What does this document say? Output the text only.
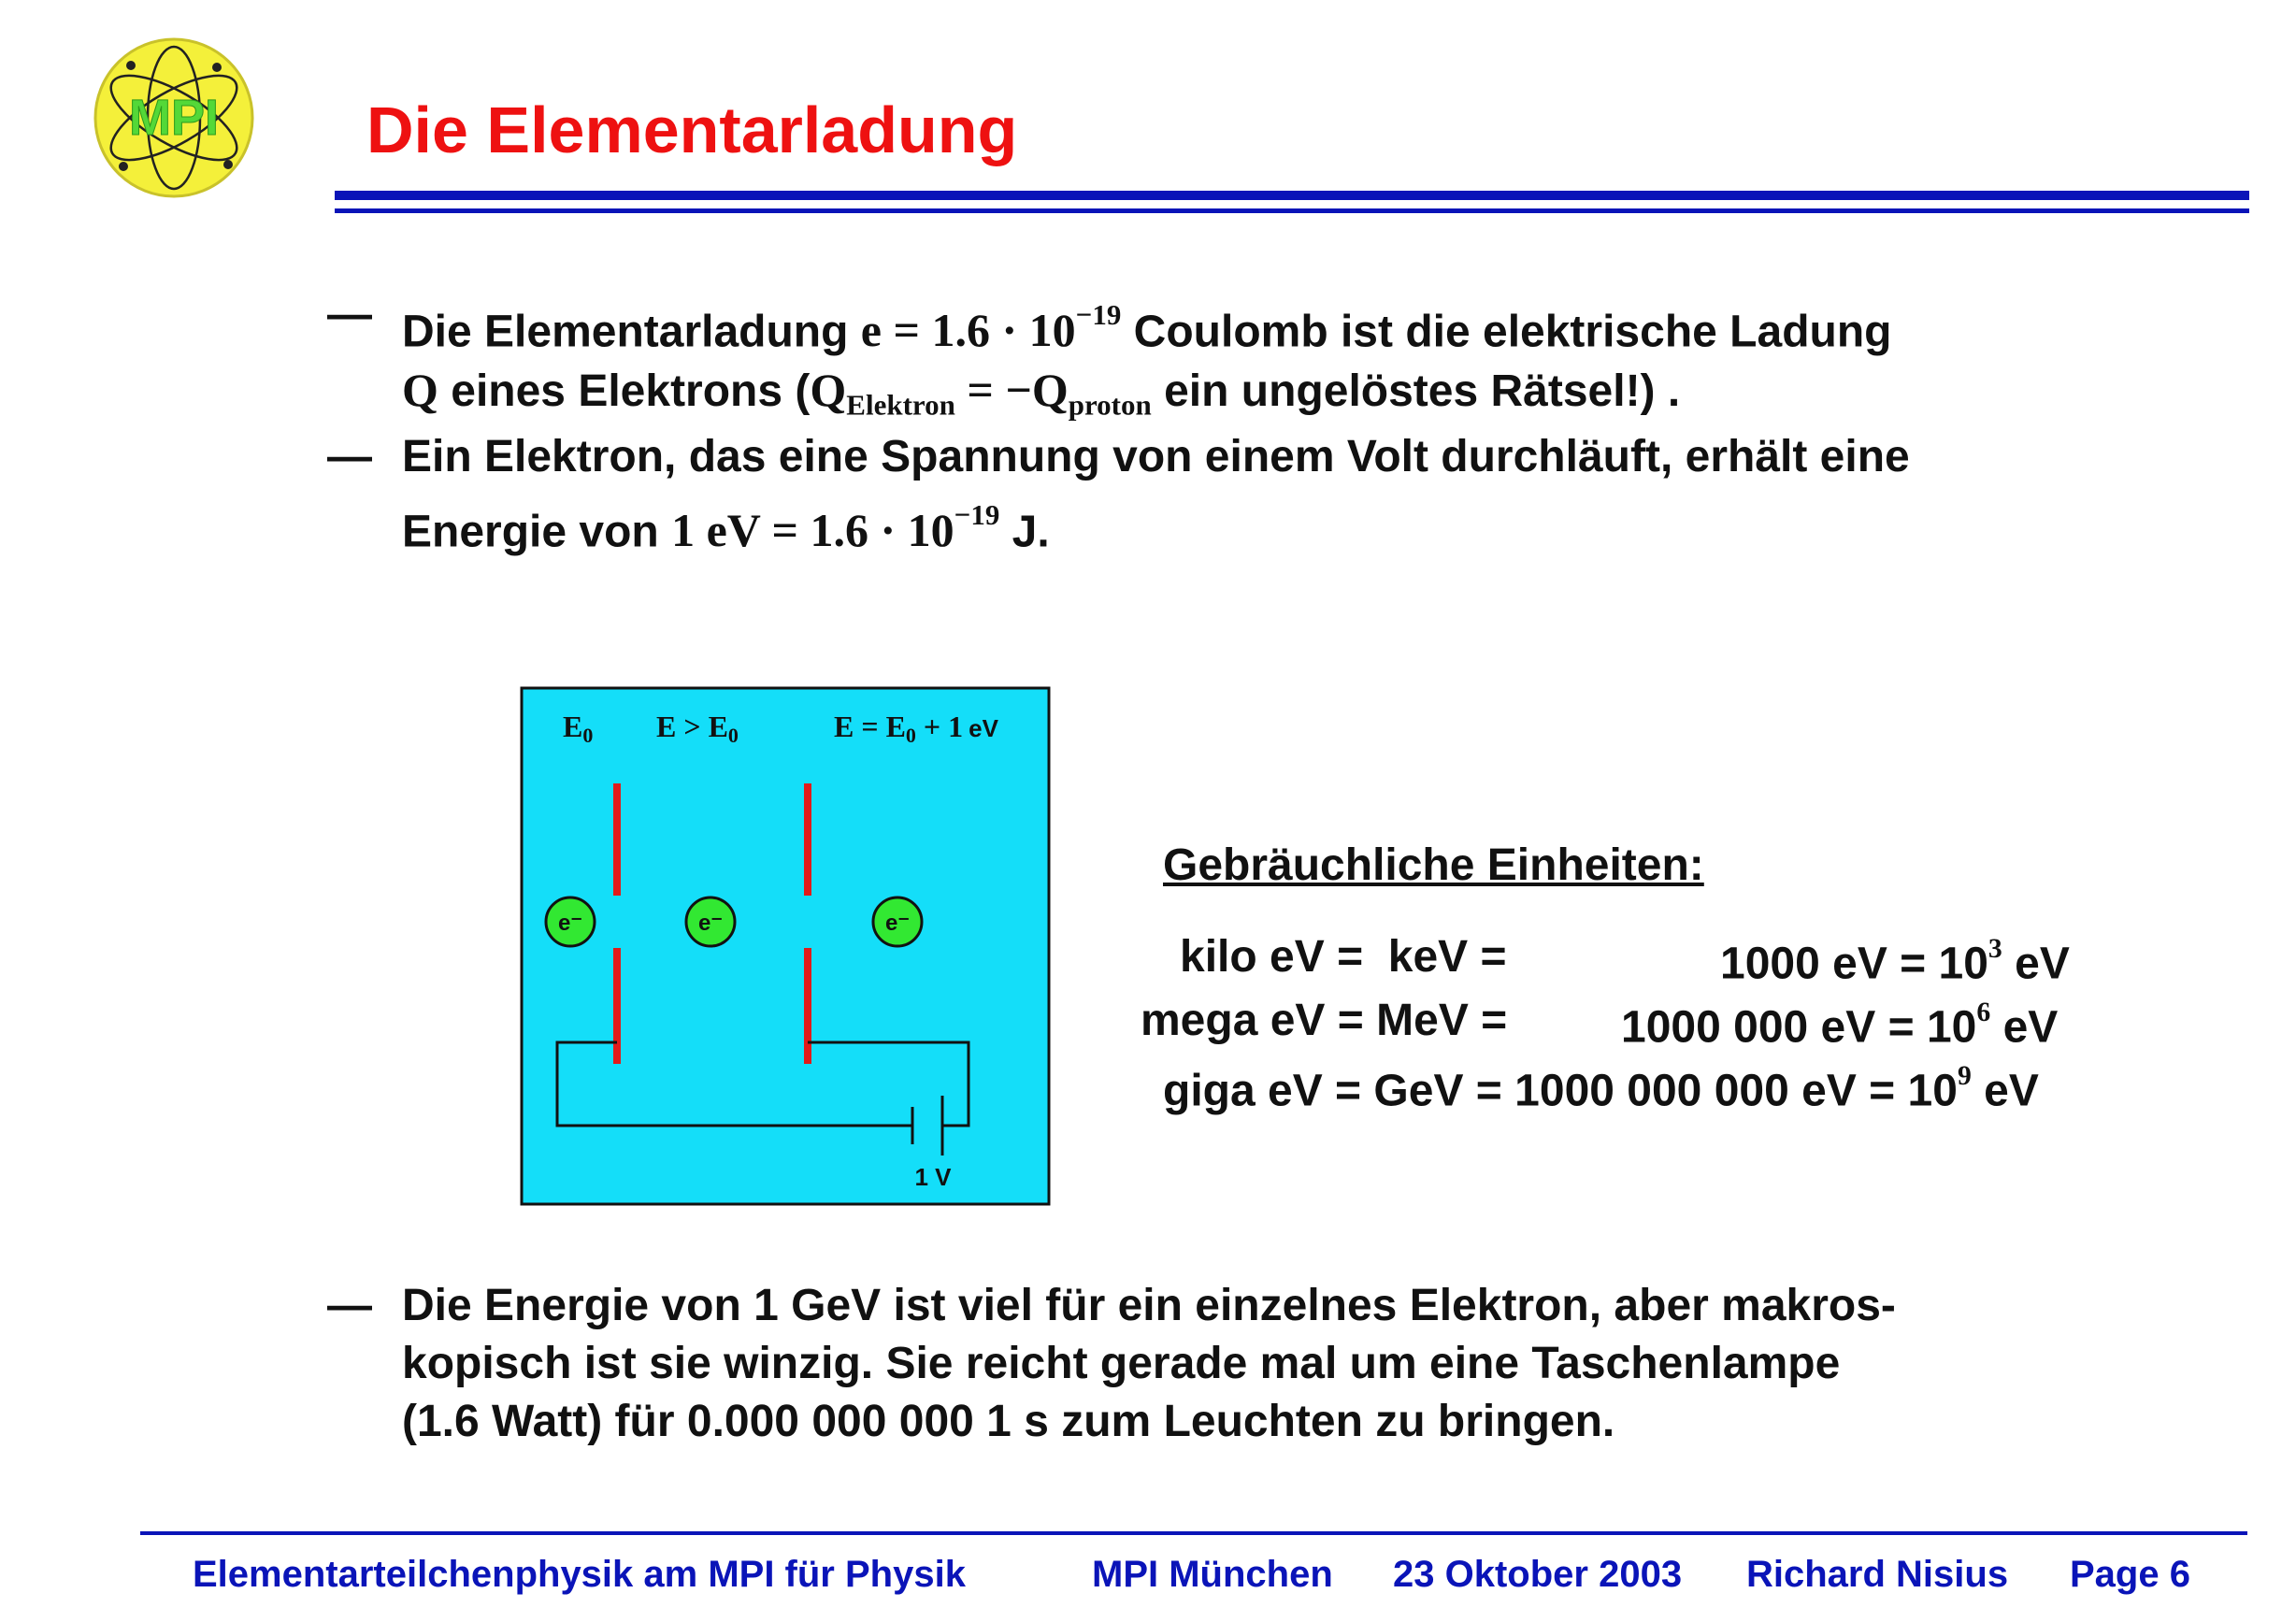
MPI Die Elementarladung
— Die Elementarladung $e = 1.6 \cdot 10^{-19}$ Coulomb ist die elektrische Ladung
Q eines Elektrons ($Q_{Elektron} = -Q_{proton}$ ein ungelöstes Rätsel!) .
— Ein Elektron, das eine Spannung von einem Volt durchläuft, erhält eine
Energie von 1 eV = $1.6 \cdot 10^{-19}$ J.
E0 E > E0	E = E0 + 1 eV
1 V
e⁻	e⁻	e⁻
Gebräuchliche Einheiten:
kilo eV =  keV =	1000 eV = $10^3$ eV
mega eV = MeV =	1000 000 eV = $10^6$ eV
giga eV = GeV = 1000 000 000 eV = $10^9$ eV
— Die Energie von 1 GeV ist viel für ein einzelnes Elektron, aber makros-
kopisch ist sie winzig. Sie reicht gerade mal um eine Taschenlampe
(1.6 Watt) für 0.000 000 000 1 s zum Leuchten zu bringen.
Elementarteilchenphysik am MPI für Physik	MPI München 23 Oktober 2003 Richard Nisius Page 6
